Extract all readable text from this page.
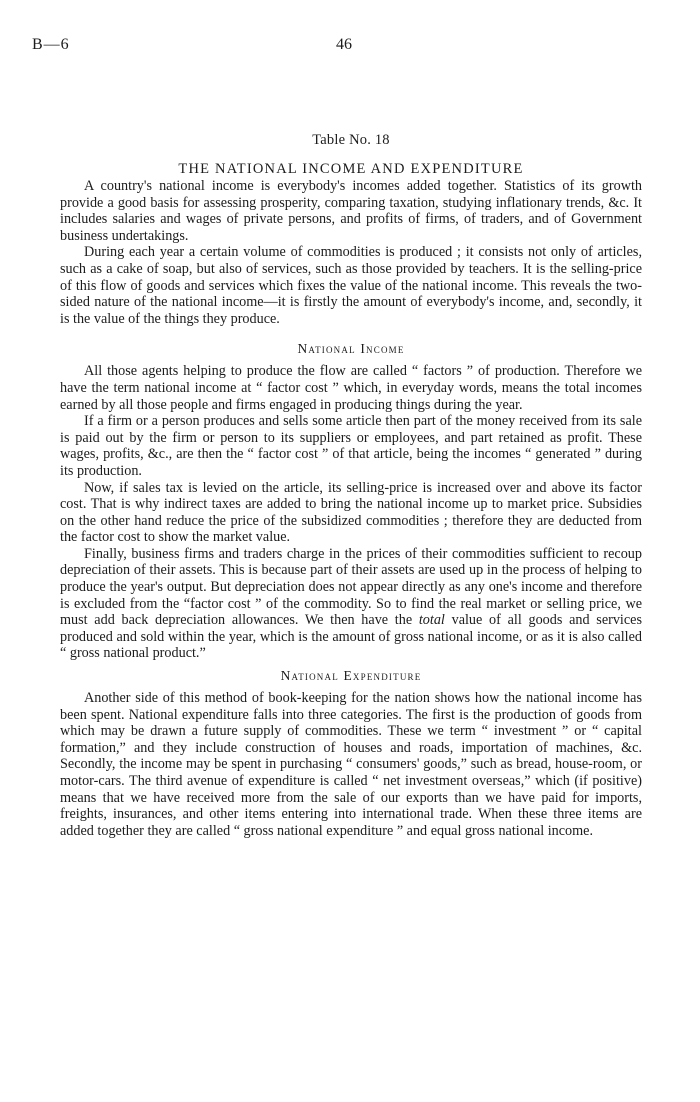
B—6	46
Table No. 18
THE NATIONAL INCOME AND EXPENDITURE

A country's national income is everybody's incomes added together. Statistics of its growth provide a good basis for assessing prosperity, comparing taxation, studying inflationary trends, &c. It includes salaries and wages of private persons, and profits of firms, of traders, and of Government business undertakings.

During each year a certain volume of commodities is produced ; it consists not only of articles, such as a cake of soap, but also of services, such as those provided by teachers. It is the selling-price of this flow of goods and services which fixes the value of the national income. This reveals the two-sided nature of the national income—it is firstly the amount of everybody's income, and, secondly, it is the value of the things they produce.

National Income

All those agents helping to produce the flow are called “ factors ” of production. Therefore we have the term national income at “ factor cost ” which, in everyday words, means the total incomes earned by all those people and firms engaged in producing things during the year.

If a firm or a person produces and sells some article then part of the money received from its sale is paid out by the firm or person to its suppliers or employees, and part retained as profit. These wages, profits, &c., are then the “ factor cost ” of that article, being the incomes “ generated ” during its production.

Now, if sales tax is levied on the article, its selling-price is increased over and above its factor cost. That is why indirect taxes are added to bring the national income up to market price. Subsidies on the other hand reduce the price of the subsidized commodities ; therefore they are deducted from the factor cost to show the market value.

Finally, business firms and traders charge in the prices of their commodities sufficient to recoup depreciation of their assets. This is because part of their assets are used up in the process of helping to produce the year's output. But depreciation does not appear directly as any one's income and therefore is excluded from the “factor cost ” of the commodity. So to find the real market or selling price, we must add back depreciation allowances. We then have the total value of all goods and services produced and sold within the year, which is the amount of gross national income, or as it is also called “ gross national product.”

National Expenditure

Another side of this method of book-keeping for the nation shows how the national income has been spent. National expenditure falls into three categories. The first is the production of goods from which may be drawn a future supply of commodities. These we term “ investment ” or “ capital formation,” and they include construction of houses and roads, importation of machines, &c. Secondly, the income may be spent in purchasing “ consumers' goods,” such as bread, house-room, or motor-cars. The third avenue of expenditure is called “ net investment overseas,” which (if positive) means that we have received more from the sale of our exports than we have paid for imports, freights, insurances, and other items entering into international trade. When these three items are added together they are called “ gross national expenditure ” and equal gross national income.
